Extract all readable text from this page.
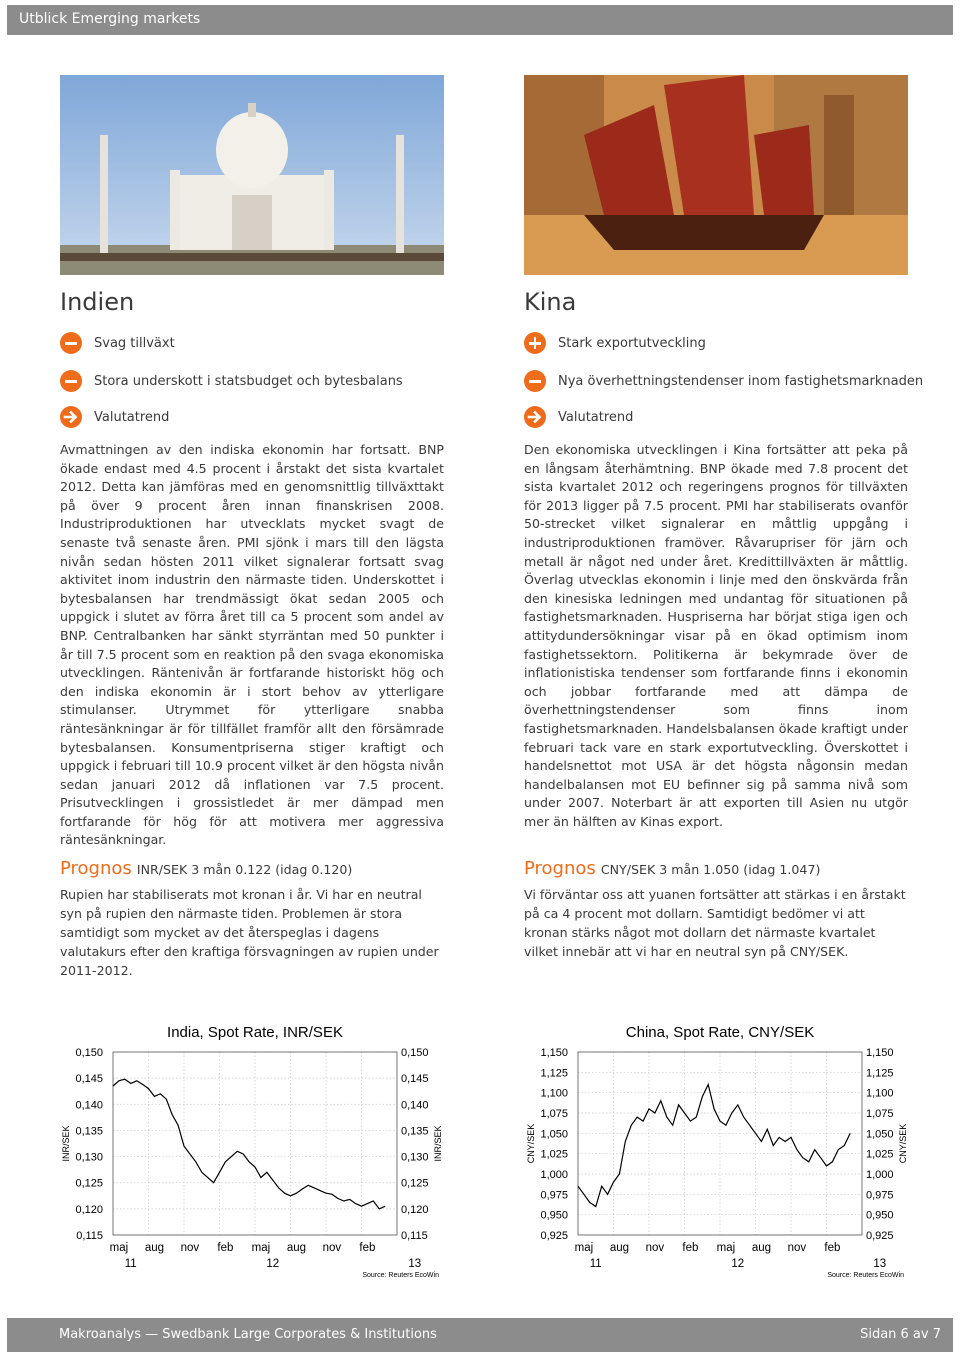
Utblick Emerging markets
Indien
Svag tillväxt
Stora underskott i statsbudget och bytesbalans
Valutatrend

Avmattningen av den indiska ekonomin har fortsatt. BNP ökade endast med 4.5 procent i årstakt det sista kvartalet 2012. Detta kan jämföras med en genomsnittlig tillväxttakt på över 9 procent åren innan finanskrisen 2008. Industriproduktionen har utvecklats mycket svagt de senaste två senaste åren. PMI sjönk i mars till den lägsta nivån sedan hösten 2011 vilket signalerar fortsatt svag aktivitet inom industrin den närmaste tiden. Underskottet i bytesbalansen har trendmässigt ökat sedan 2005 och uppgick i slutet av förra året till ca 5 procent som andel av BNP. Centralbanken har sänkt styrräntan med 50 punkter i år till 7.5 procent som en reaktion på den svaga ekonomiska utvecklingen. Räntenivån är fortfarande historiskt hög och den indiska ekonomin är i stort behov av ytterligare stimulanser. Utrymmet för ytterligare snabba räntesänkningar är för tillfället framför allt den försämrade bytesbalansen. Konsumentpriserna stiger kraftigt och uppgick i februari till 10.9 procent vilket är den högsta nivån sedan januari 2012 då inflationen var 7.5 procent. Prisutvecklingen i grossistledet är mer dämpad men fortfarande för hög för att motivera mer aggressiva räntesänkningar.

Prognos INR/SEK 3 mån 0.122 (idag 0.120)

Rupien har stabiliserats mot kronan i år. Vi har en neutral syn på rupien den närmaste tiden. Problemen är stora samtidigt som mycket av det återspeglas i dagens valutakurs efter den kraftiga försvagningen av rupien under 2011-2012.

Kina
Stark exportutveckling
Nya överhettningstendenser inom fastighetsmarknaden
Valutatrend

Den ekonomiska utvecklingen i Kina fortsätter att peka på en långsam återhämtning. BNP ökade med 7.8 procent det sista kvartalet 2012 och regeringens prognos för tillväxten för 2013 ligger på 7.5 procent. PMI har stabiliserats ovanför 50-strecket vilket signalerar en måttlig uppgång i industriproduktionen framöver. Råvarupriser för järn och metall är något ned under året. Kredittillväxten är måttlig. Överlag utvecklas ekonomin i linje med den önskvärda från den kinesiska ledningen med undantag för situationen på fastighetsmarknaden. Huspriserna har börjat stiga igen och attitydundersökningar visar på en ökad optimism inom fastighetssektorn. Politikerna är bekymrade över de inflationistiska tendenser som fortfarande finns i ekonomin och jobbar fortfarande med att dämpa de överhettningstendenser som finns inom fastighetsmarknaden. Handelsbalansen ökade kraftigt under februari tack vare en stark exportutveckling. Överskottet i handelsnettot mot USA är det högsta någonsin medan handelbalansen mot EU befinner sig på samma nivå som under 2007. Noterbart är att exporten till Asien nu utgör mer än hälften av Kinas export.

Prognos CNY/SEK 3 mån 1.050 (idag 1.047)

Vi förväntar oss att yuanen fortsätter att stärkas i en årstakt på ca 4 procent mot dollarn. Samtidigt bedömer vi att kronan stärks något mot dollarn det närmaste kvartalet vilket innebär att vi har en neutral syn på CNY/SEK.

India, Spot Rate, INR/SEK
0,150	0,150
0,145	0,145
0,140	0,140
0,135	0,135
0,130	0,130
0,125	0,125
0,120	0,120
0,115	0,115
maj aug nov feb maj aug nov feb
11	12	13
INR/SEK	INR/SEK
Source: Reuters EcoWin
China, Spot Rate, CNY/SEK
1,150	1,150
1,125	1,125
1,100	1,100
1,075	1,075
1,050	1,050
1,025	1,025
1,000	1,000
0,975	0,975
0,950	0,950
0,925	0,925
maj aug nov feb maj aug nov feb
11	12	13
CNY/SEK	CNY/SEK
Source: Reuters EcoWin
Makroanalys — Swedbank Large Corporates & Institutions	Sidan 6 av 7
